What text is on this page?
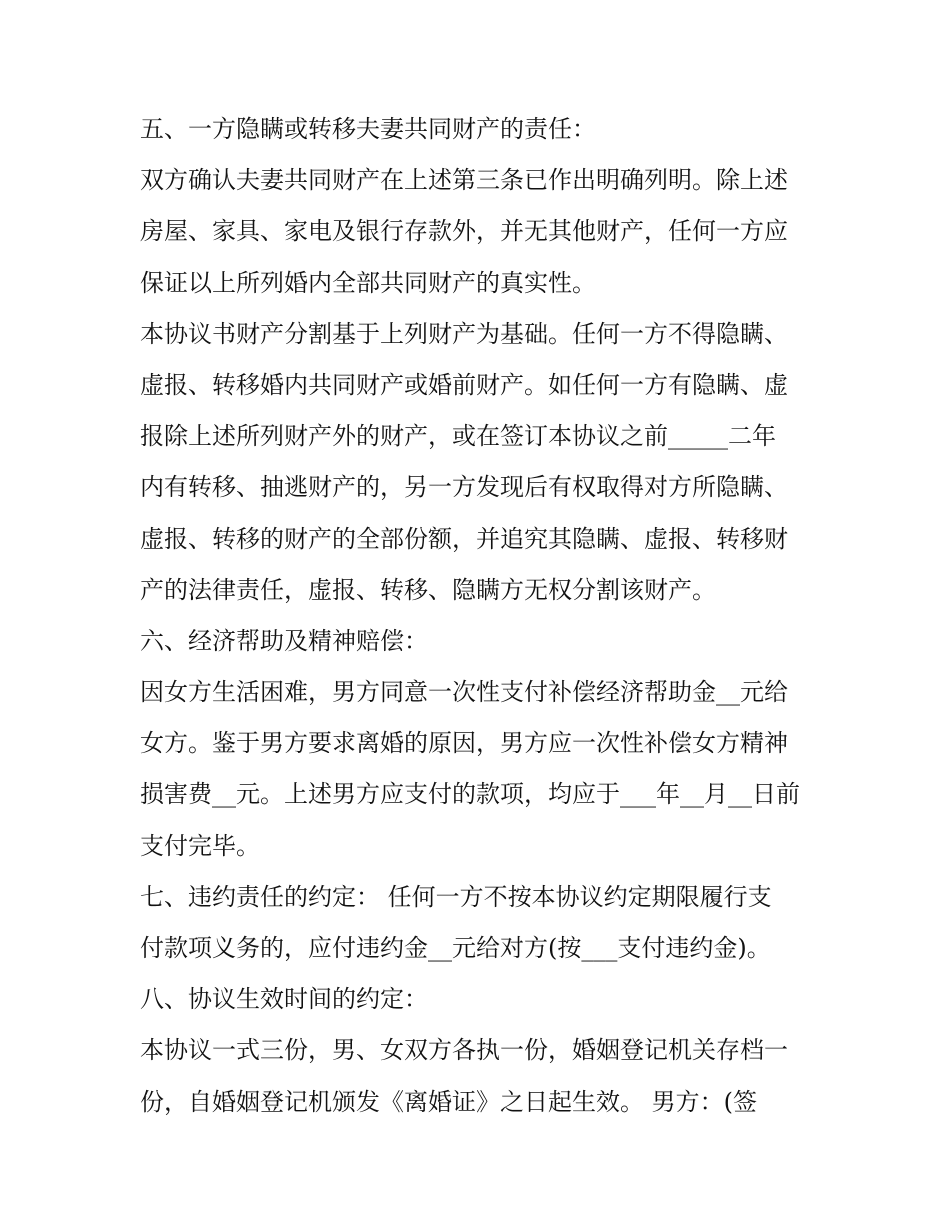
五、一方隐瞒或转移夫妻共同财产的责任：
双方确认夫妻共同财产在上述第三条已作出明确列明。除上述
房屋、家具、家电及银行存款外，并无其他财产，任何一方应
保证以上所列婚内全部共同财产的真实性。
本协议书财产分割基于上列财产为基础。任何一方不得隐瞒、
虚报、转移婚内共同财产或婚前财产。如任何一方有隐瞒、虚
报除上述所列财产外的财产，或在签订本协议之前_____二年
内有转移、抽逃财产的，另一方发现后有权取得对方所隐瞒、
虚报、转移的财产的全部份额，并追究其隐瞒、虚报、转移财
产的法律责任，虚报、转移、隐瞒方无权分割该财产。
六、经济帮助及精神赔偿：
因女方生活困难，男方同意一次性支付补偿经济帮助金__元给
女方。鉴于男方要求离婚的原因，男方应一次性补偿女方精神
损害费__元。上述男方应支付的款项，均应于___年__月__日前
支付完毕。
七、违约责任的约定： 任何一方不按本协议约定期限履行支
付款项义务的，应付违约金__元给对方(按___支付违约金)。
八、协议生效时间的约定：
本协议一式三份，男、女双方各执一份，婚姻登记机关存档一
份，自婚姻登记机颁发《离婚证》之日起生效。 男方：(签
